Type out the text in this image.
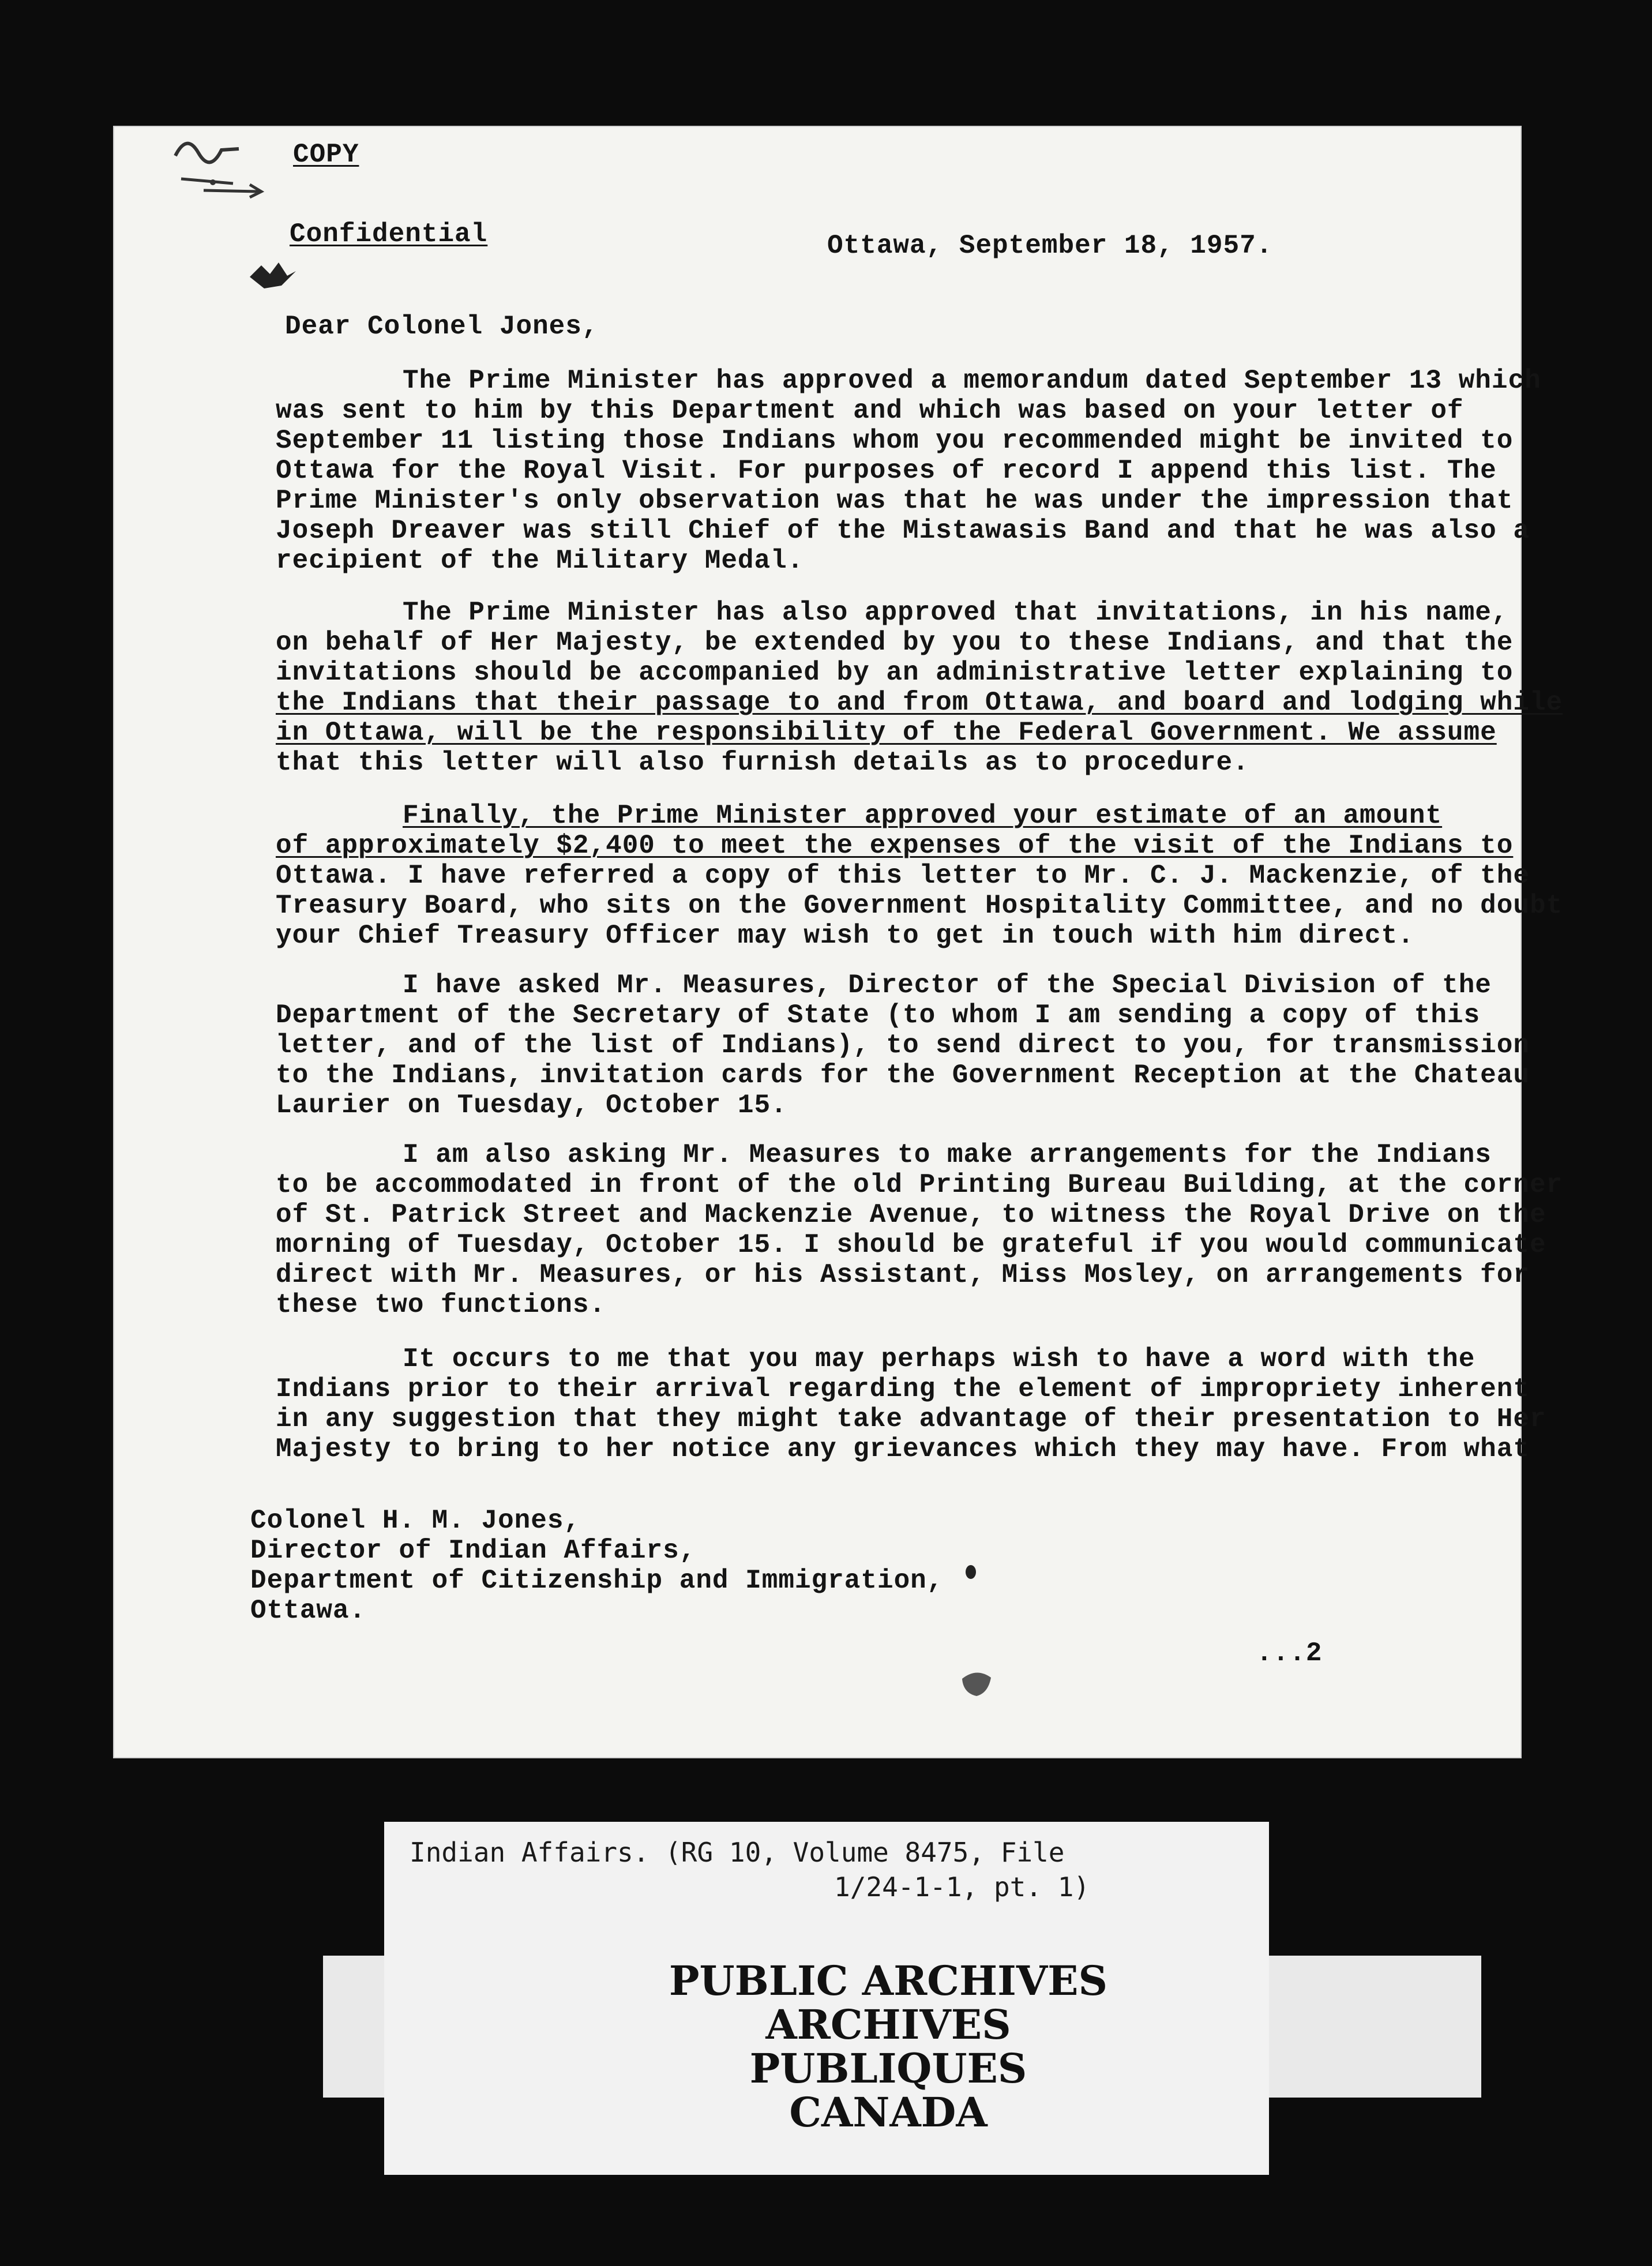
COPY
Confidential	Ottawa, September 18, 1957.
Dear Colonel Jones,
The Prime Minister has approved a memorandum dated September 13 which
was sent to him by this Department and which was based on your letter of
September 11 listing those Indians whom you recommended might be invited to
Ottawa for the Royal Visit. For purposes of record I append this list. The
Prime Minister's only observation was that he was under the impression that
Joseph Dreaver was still Chief of the Mistawasis Band and that he was also a
recipient of the Military Medal.
The Prime Minister has also approved that invitations, in his name,
on behalf of Her Majesty, be extended by you to these Indians, and that the
invitations should be accompanied by an administrative letter explaining to
the Indians that their passage to and from Ottawa, and board and lodging while
in Ottawa, will be the responsibility of the Federal Government. We assume
that this letter will also furnish details as to procedure.
Finally, the Prime Minister approved your estimate of an amount
of approximately $2,400 to meet the expenses of the visit of the Indians to
Ottawa. I have referred a copy of this letter to Mr. C. J. Mackenzie, of the
Treasury Board, who sits on the Government Hospitality Committee, and no doubt
your Chief Treasury Officer may wish to get in touch with him direct.
I have asked Mr. Measures, Director of the Special Division of the
Department of the Secretary of State (to whom I am sending a copy of this
letter, and of the list of Indians), to send direct to you, for transmission
to the Indians, invitation cards for the Government Reception at the Chateau
Laurier on Tuesday, October 15.
I am also asking Mr. Measures to make arrangements for the Indians
to be accommodated in front of the old Printing Bureau Building, at the corner
of St. Patrick Street and Mackenzie Avenue, to witness the Royal Drive on the
morning of Tuesday, October 15. I should be grateful if you would communicate
direct with Mr. Measures, or his Assistant, Miss Mosley, on arrangements for
these two functions.
It occurs to me that you may perhaps wish to have a word with the
Indians prior to their arrival regarding the element of impropriety inherent
in any suggestion that they might take advantage of their presentation to Her
Majesty to bring to her notice any grievances which they may have. From what
Colonel H. M. Jones,
Director of Indian Affairs,
Department of Citizenship and Immigration,
Ottawa.
...2
Indian Affairs. (RG 10, Volume 8475, File
1/24-1-1, pt. 1)
PUBLIC ARCHIVES
ARCHIVES PUBLIQUES
CANADA
